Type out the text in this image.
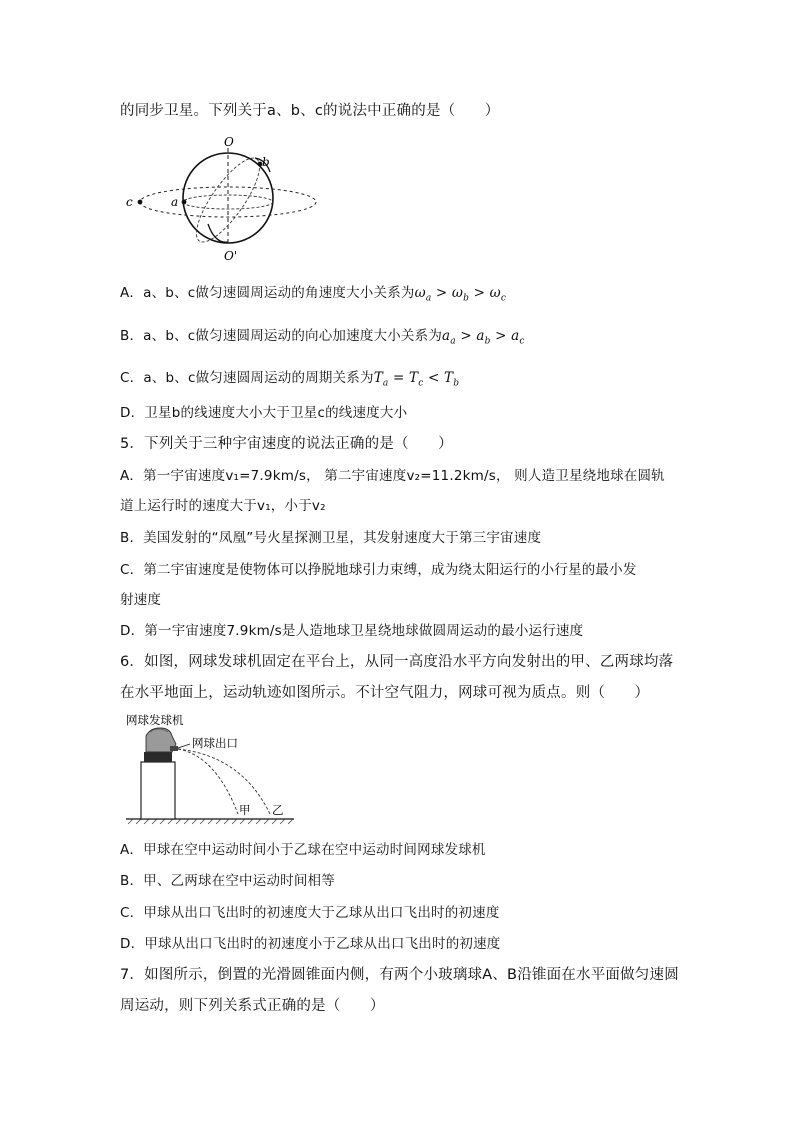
的同步卫星。下列关于a、b、c的说法中正确的是（　　）
O
O'
a
b
c
A．a、b、c做匀速圆周运动的角速度大小关系为$\omega_a > \omega_b > \omega_c$
B．a、b、c做匀速圆周运动的向心加速度大小关系为$a_a > a_b > a_c$
C．a、b、c做匀速圆周运动的周期关系为$T_a = T_c < T_b$
D．卫星b的线速度大小大于卫星c的线速度大小
5．下列关于三种宇宙速度的说法正确的是（　　）
A．第一宇宙速度v₁=7.9km/s， 第二宇宙速度v₂=11.2km/s， 则人造卫星绕地球在圆轨
道上运行时的速度大于v₁，小于v₂
B．美国发射的“凤凰”号火星探测卫星，其发射速度大于第三宇宙速度
C．第二宇宙速度是使物体可以挣脱地球引力束缚，成为绕太阳运行的小行星的最小发
射速度
D．第一宇宙速度7.9km/s是人造地球卫星绕地球做圆周运动的最小运行速度
6．如图，网球发球机固定在平台上，从同一高度沿水平方向发射出的甲、乙两球均落
在水平地面上，运动轨迹如图所示。不计空气阻力，网球可视为质点。则（　　）
网球发球机
网球出口
甲 乙
A．甲球在空中运动时间小于乙球在空中运动时间网球发球机
B．甲、乙两球在空中运动时间相等
C．甲球从出口飞出时的初速度大于乙球从出口飞出时的初速度
D．甲球从出口飞出时的初速度小于乙球从出口飞出时的初速度
7．如图所示，倒置的光滑圆锥面内侧，有两个小玻璃球A、B沿锥面在水平面做匀速圆
周运动，则下列关系式正确的是（　　）
